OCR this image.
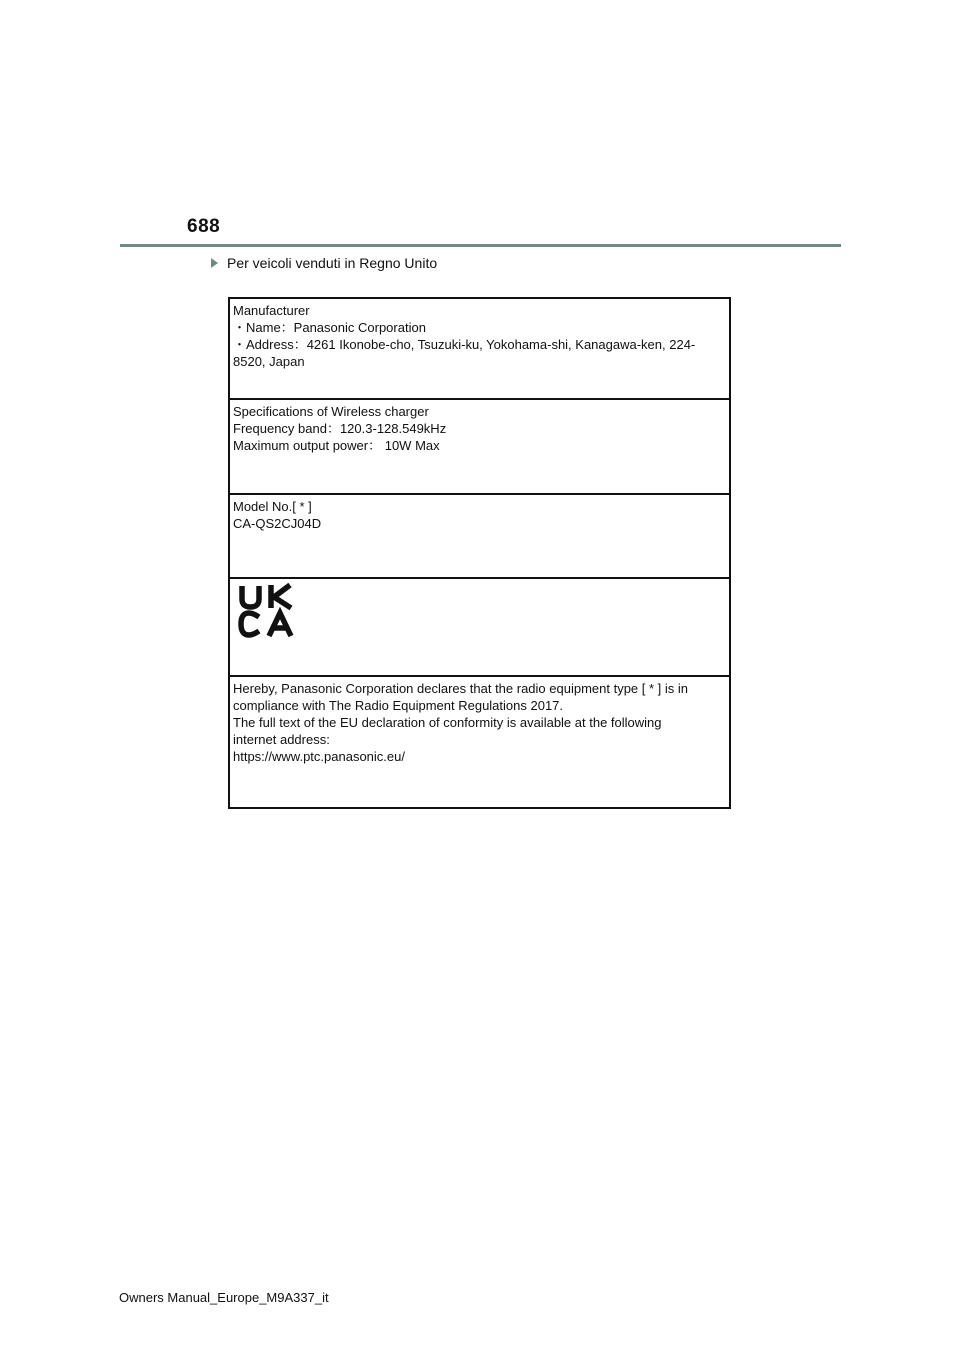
688
Per veicoli venduti in Regno Unito
Manufacturer
・Name：Panasonic Corporation
・Address：4261 Ikonobe-cho, Tsuzuki-ku, Yokohama-shi, Kanagawa-ken, 224-
8520, Japan
Specifications of Wireless charger
Frequency band：120.3-128.549kHz
Maximum output power： 10W Max
Model No.[ * ]
CA-QS2CJ04D
Hereby, Panasonic Corporation declares that the radio equipment type [ * ] is in
compliance with The Radio Equipment Regulations 2017.
The full text of the EU declaration of conformity is available at the following
internet address:
https://www.ptc.panasonic.eu/
Owners Manual_Europe_M9A337_it
